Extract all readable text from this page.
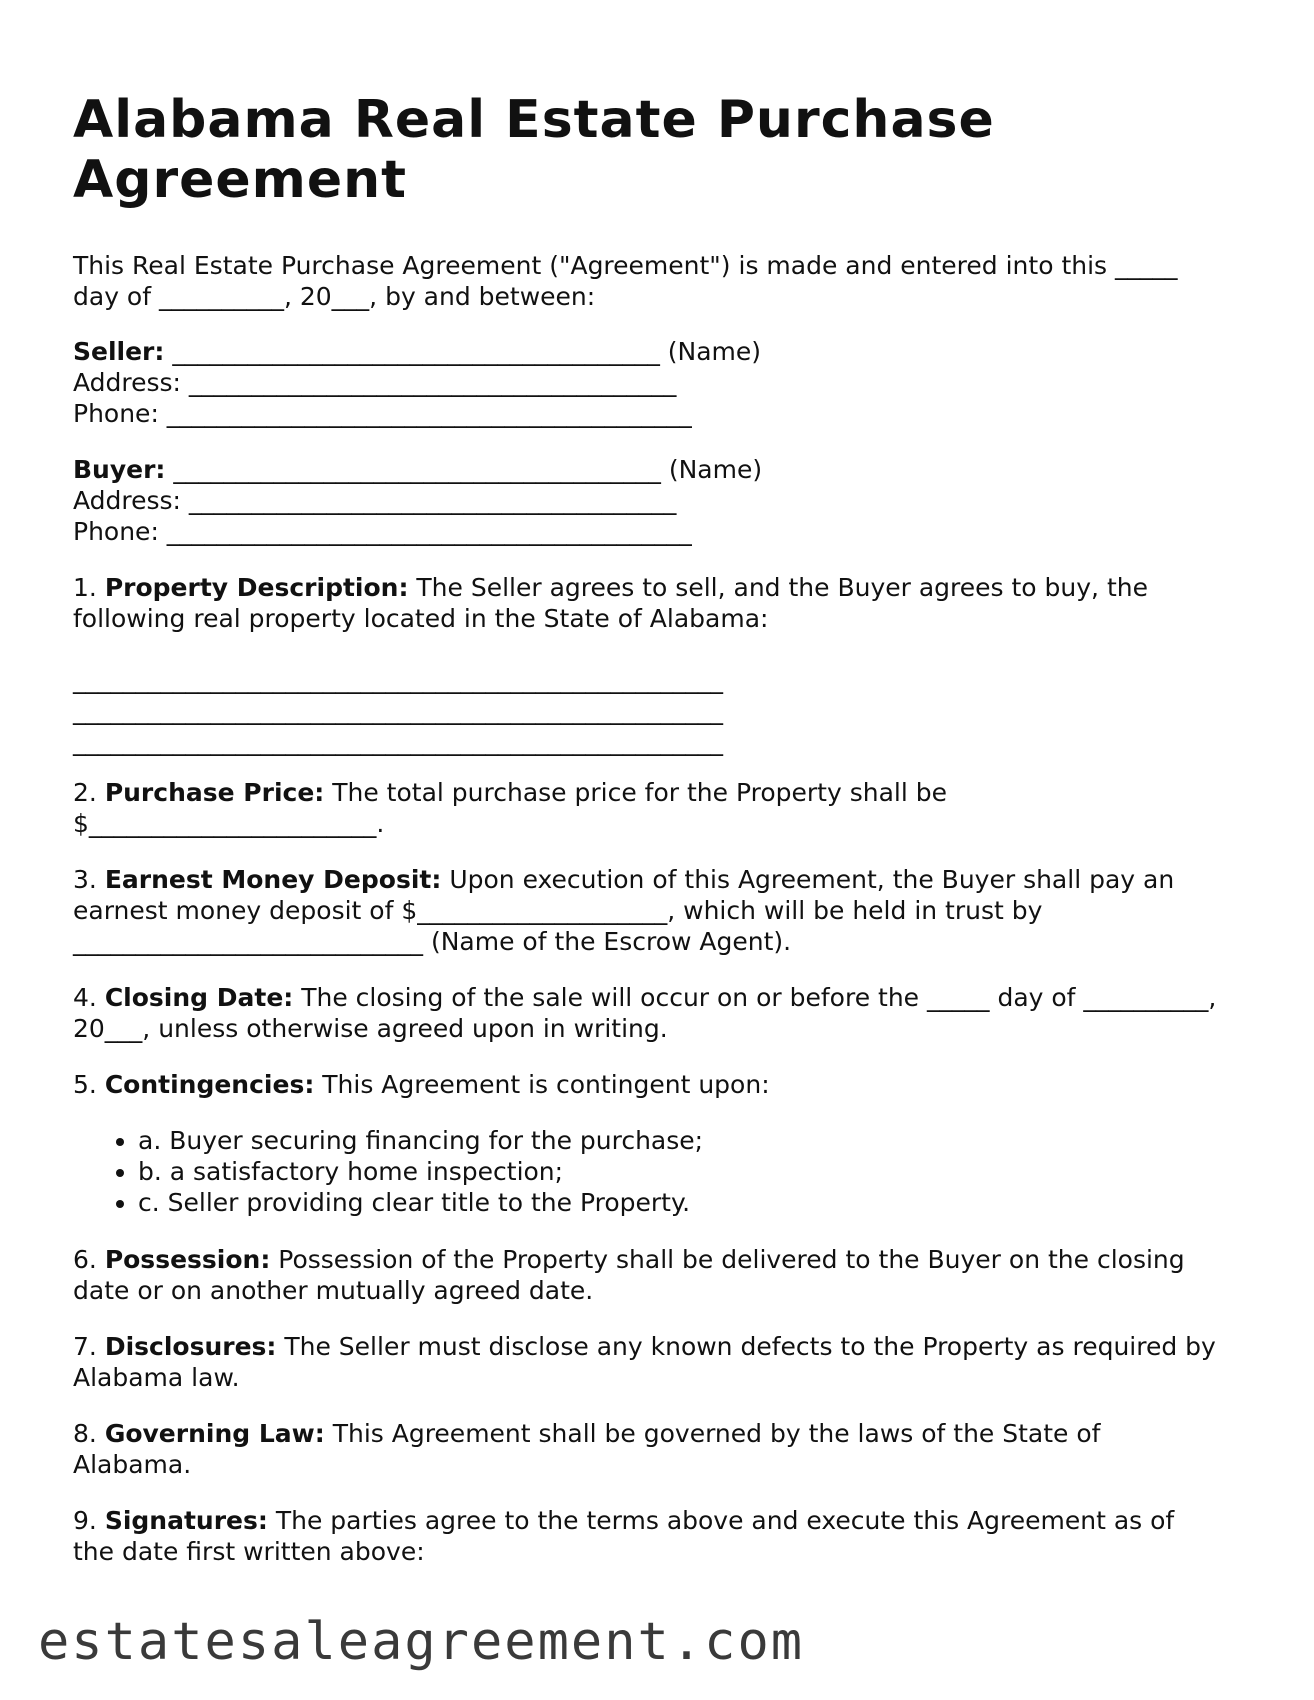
Alabama Real Estate Purchase Agreement

This Real Estate Purchase Agreement ("Agreement") is made and entered into this _____ day of __________, 20___, by and between:

Seller: _______________________________________ (Name)
Address: _______________________________________
Phone: __________________________________________
Buyer: _______________________________________ (Name)
Address: _______________________________________
Phone: __________________________________________

1. Property Description: The Seller agrees to sell, and the Buyer agrees to buy, the following real property located in the State of Alabama:

____________________________________________________
____________________________________________________
____________________________________________________

2. Purchase Price: The total purchase price for the Property shall be $_______________________.

3. Earnest Money Deposit: Upon execution of this Agreement, the Buyer shall pay an earnest money deposit of $____________________, which will be held in trust by ____________________________ (Name of the Escrow Agent).

4. Closing Date: The closing of the sale will occur on or before the _____ day of __________, 20___, unless otherwise agreed upon in writing.

5. Contingencies: This Agreement is contingent upon:

• a. Buyer securing financing for the purchase;
• b. a satisfactory home inspection;
• c. Seller providing clear title to the Property.

6. Possession: Possession of the Property shall be delivered to the Buyer on the closing date or on another mutually agreed date.

7. Disclosures: The Seller must disclose any known defects to the Property as required by Alabama law.

8. Governing Law: This Agreement shall be governed by the laws of the State of Alabama.

9. Signatures: The parties agree to the terms above and execute this Agreement as of the date first written above:

estatesaleagreement.com
